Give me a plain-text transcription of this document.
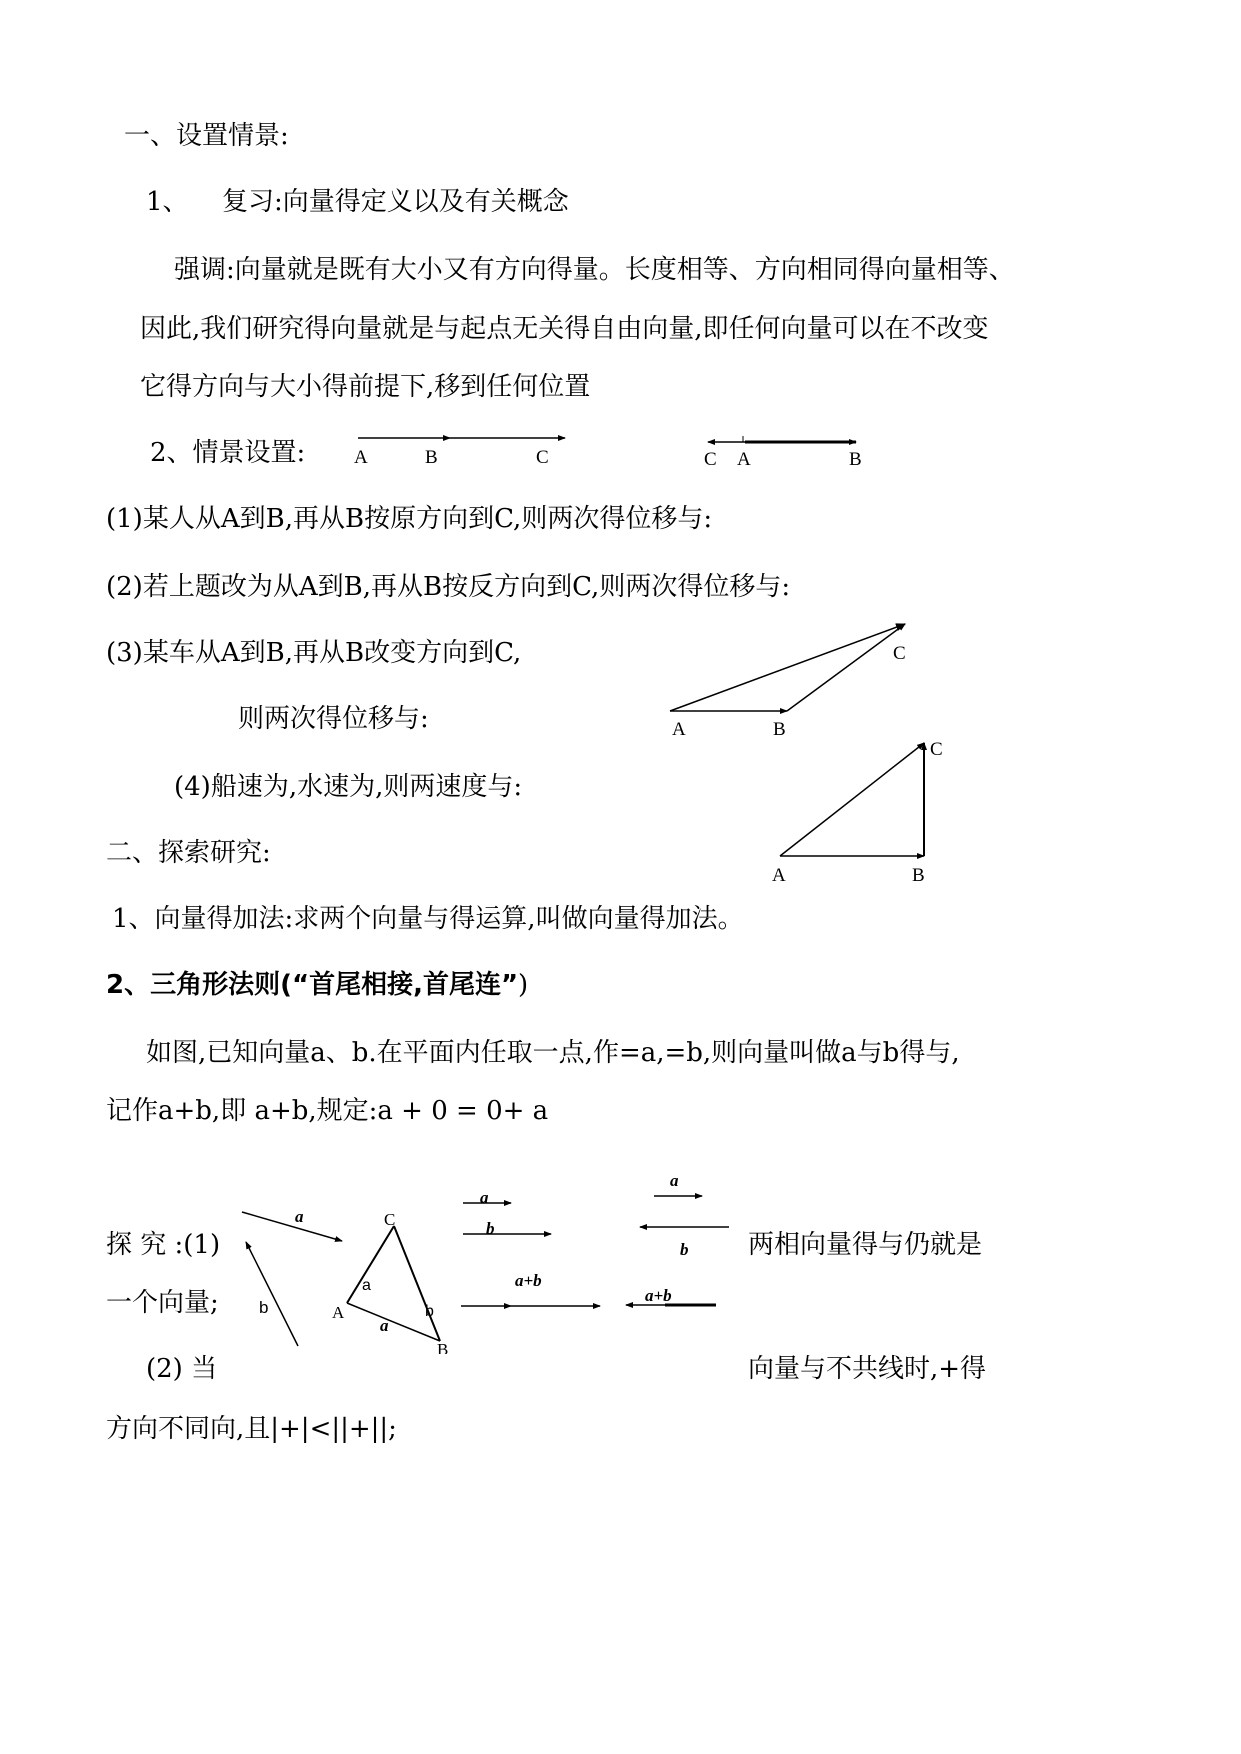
一、设置情景:
1、 复习:向量得定义以及有关概念
强调:向量就是既有大小又有方向得量。长度相等、方向相同得向量相等、
因此,我们研究得向量就是与起点无关得自由向量,即任何向量可以在不改变
它得方向与大小得前提下,移到任何位置
2、情景设置:
(1)某人从A到B,再从B按原方向到C,则两次得位移与:
(2)若上题改为从A到B,再从B按反方向到C,则两次得位移与:
(3)某车从A到B,再从B改变方向到C,
则两次得位移与:
(4)船速为,水速为,则两速度与:
二、探索研究:
1、向量得加法:求两个向量与得运算,叫做向量得加法。
2、三角形法则(“首尾相接,首尾连”)
如图,已知向量a、b.在平面内任取一点,作=a,=b,则向量叫做a与b得与,
记作a+b,即 a+b,规定:a + 0 = 0+ a
探 究 :(1)	两相向量得与仍就是
一个向量;
(2) 当	向量与不共线时,+得
方向不同向,且|+|<||+||;
A	B	C	C A	B
A	B
C
A	B
C
a
b
C
A
B
a
a
b
a
b
a+b
a
b
a+b
